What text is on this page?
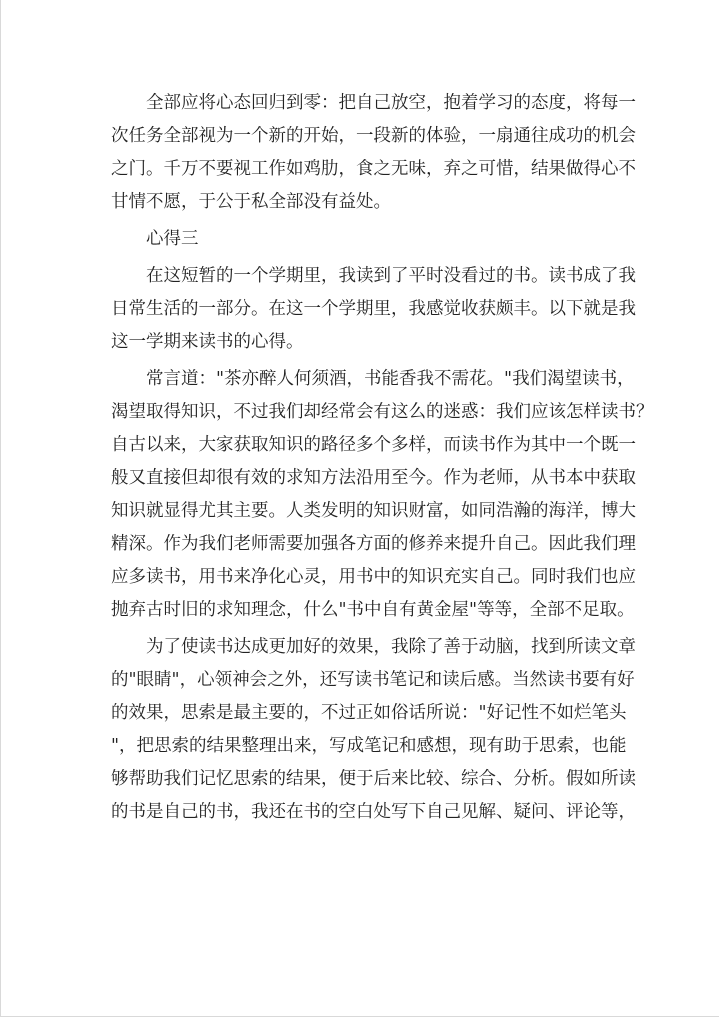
全部应将心态回归到零：把自己放空，抱着学习的态度，将每一
次任务全部视为一个新的开始，一段新的体验，一扇通往成功的机会
之门。千万不要视工作如鸡肋，食之无味，弃之可惜，结果做得心不
甘情不愿，于公于私全部没有益处。
心得三
在这短暂的一个学期里，我读到了平时没看过的书。读书成了我
日常生活的一部分。在这一个学期里，我感觉收获颇丰。以下就是我
这一学期来读书的心得。
常言道："茶亦醉人何须酒，书能香我不需花。"我们渴望读书，
渴望取得知识，不过我们却经常会有这么的迷惑：我们应该怎样读书？
自古以来，大家获取知识的路径多个多样，而读书作为其中一个既一
般又直接但却很有效的求知方法沿用至今。作为老师，从书本中获取
知识就显得尤其主要。人类发明的知识财富，如同浩瀚的海洋，博大
精深。作为我们老师需要加强各方面的修养来提升自己。因此我们理
应多读书，用书来净化心灵，用书中的知识充实自己。同时我们也应
抛弃古时旧的求知理念，什么"书中自有黄金屋"等等，全部不足取。
为了使读书达成更加好的效果，我除了善于动脑，找到所读文章
的"眼睛"，心领神会之外，还写读书笔记和读后感。当然读书要有好
的效果，思索是最主要的，不过正如俗话所说："好记性不如烂笔头
"，把思索的结果整理出来，写成笔记和感想，现有助于思索，也能
够帮助我们记忆思索的结果，便于后来比较、综合、分析。假如所读
的书是自己的书，我还在书的空白处写下自己见解、疑问、评论等，
